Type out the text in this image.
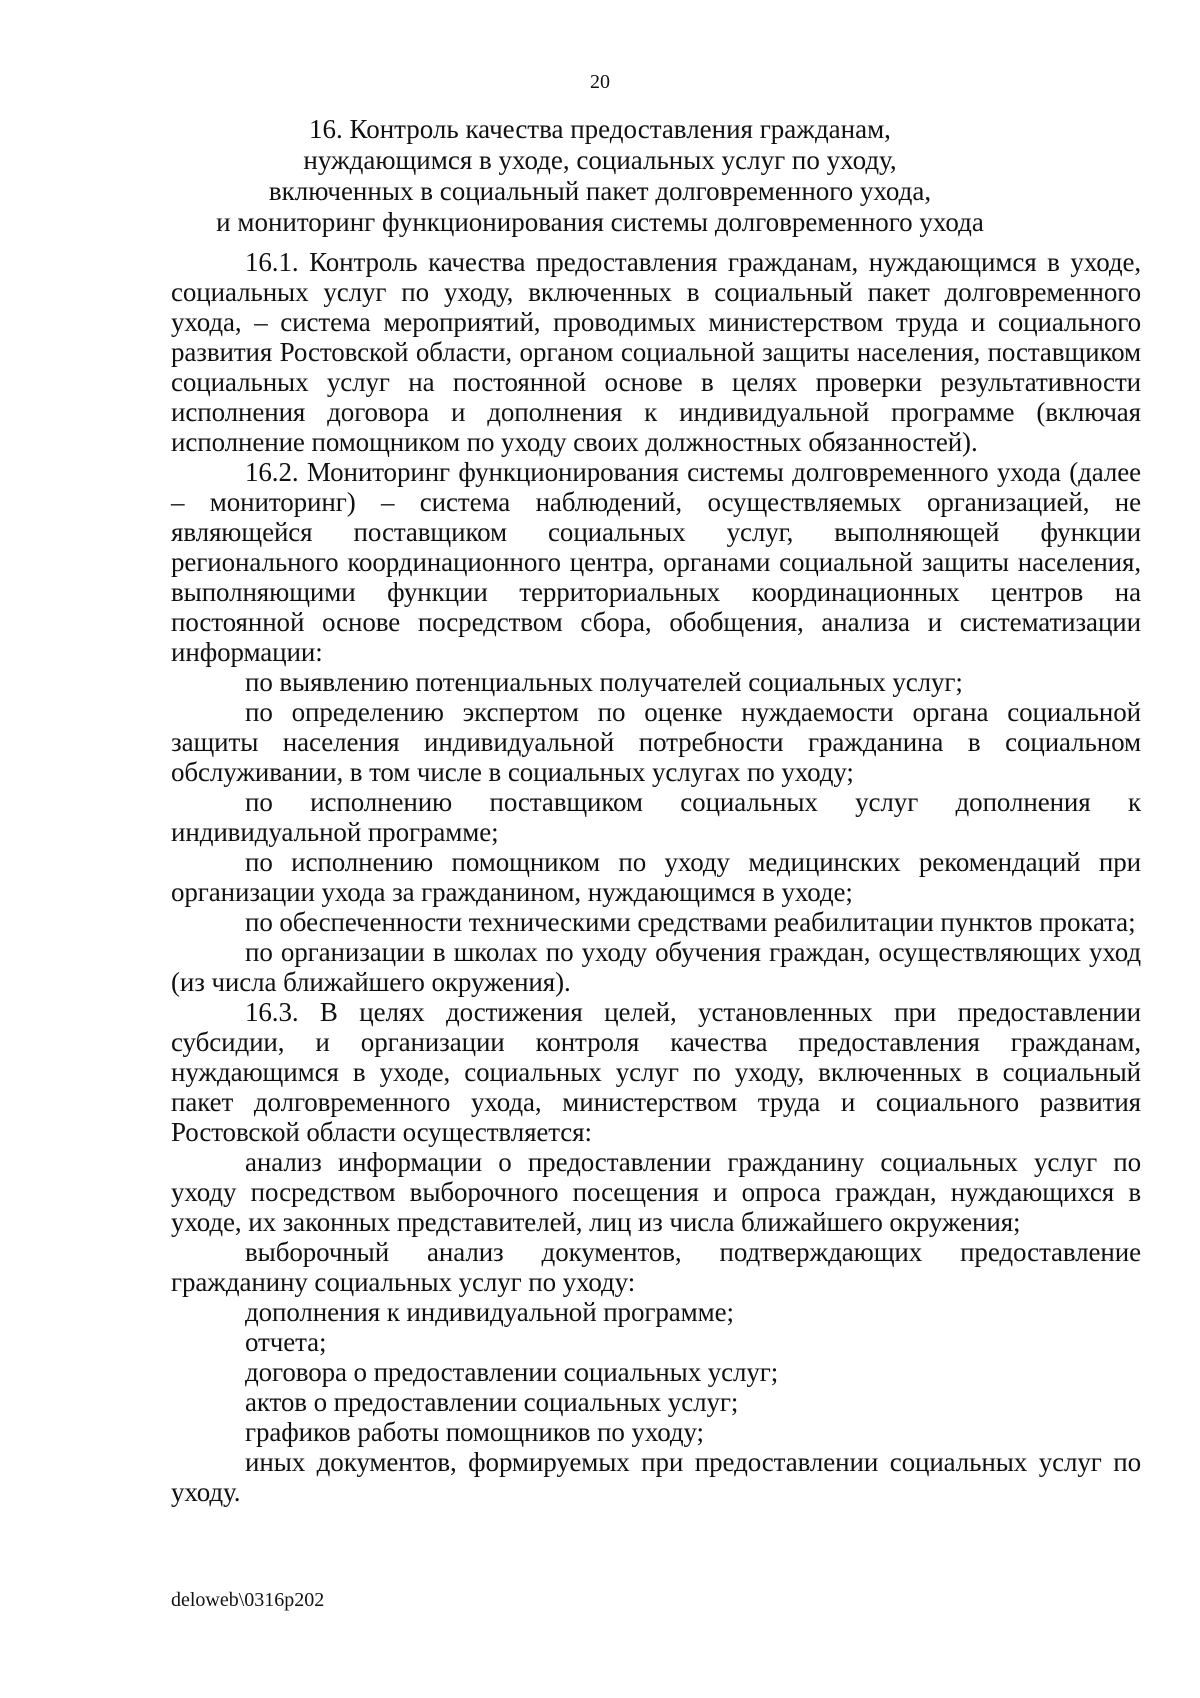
20
16. Контроль качества предоставления гражданам,
нуждающимся в уходе, социальных услуг по уходу,
включенных в социальный пакет долговременного ухода,
и мониторинг функционирования системы долговременного ухода

16.1. Контроль качества предоставления гражданам, нуждающимся в уходе, социальных услуг по уходу, включенных в социальный пакет долговременного ухода, – система мероприятий, проводимых министерством труда и социального развития Ростовской области, органом социальной защиты населения, поставщиком социальных услуг на постоянной основе в целях проверки результативности исполнения договора и дополнения к индивидуальной программе (включая исполнение помощником по уходу своих должностных обязанностей).

16.2. Мониторинг функционирования системы долговременного ухода (далее – мониторинг) – система наблюдений, осуществляемых организацией, не являющейся поставщиком социальных услуг, выполняющей функции регионального координационного центра, органами социальной защиты населения, выполняющими функции территориальных координационных центров на постоянной основе посредством сбора, обобщения, анализа и систематизации информации:

по выявлению потенциальных получателей социальных услуг;

по определению экспертом по оценке нуждаемости органа социальной защиты населения индивидуальной потребности гражданина в социальном обслуживании, в том числе в социальных услугах по уходу;

по исполнению поставщиком социальных услуг дополнения к индивидуальной программе;

по исполнению помощником по уходу медицинских рекомендаций при организации ухода за гражданином, нуждающимся в уходе;

по обеспеченности техническими средствами реабилитации пунктов проката;

по организации в школах по уходу обучения граждан, осуществляющих уход (из числа ближайшего окружения).

16.3. В целях достижения целей, установленных при предоставлении субсидии, и организации контроля качества предоставления гражданам, нуждающимся в уходе, социальных услуг по уходу, включенных в социальный пакет долговременного ухода, министерством труда и социального развития Ростовской области осуществляется:

анализ информации о предоставлении гражданину социальных услуг по уходу посредством выборочного посещения и опроса граждан, нуждающихся в уходе, их законных представителей, лиц из числа ближайшего окружения;

выборочный анализ документов, подтверждающих предоставление гражданину социальных услуг по уходу:

дополнения к индивидуальной программе;

отчета;

договора о предоставлении социальных услуг;

актов о предоставлении социальных услуг;

графиков работы помощников по уходу;

иных документов, формируемых при предоставлении социальных услуг по уходу.

deloweb\0316p202
